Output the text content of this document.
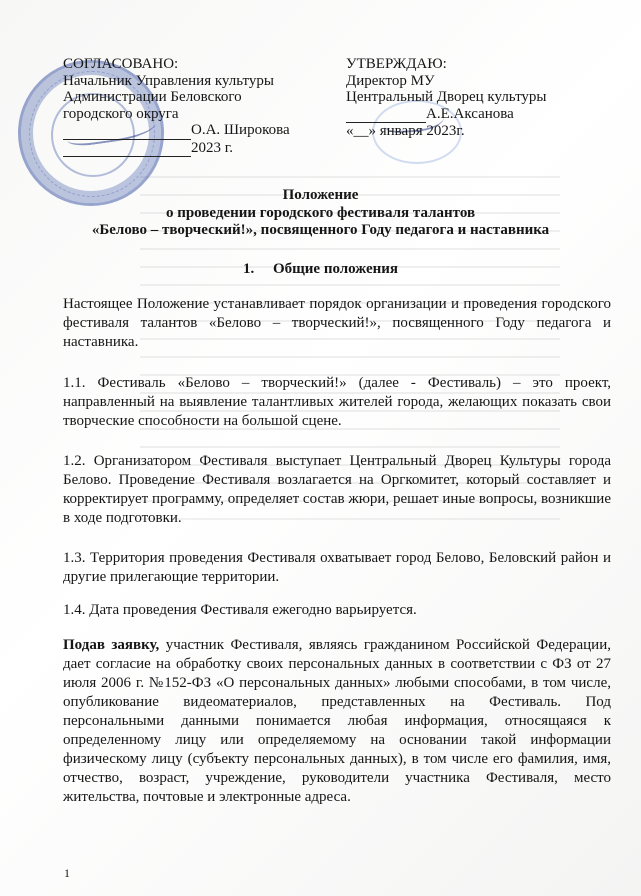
СОГЛАСОВАНО:
Начальник Управления культуры
Администрации Беловского
городского округа
О.А. Широкова
2023 г.
УТВЕРЖДАЮ:
Директор МУ
Центральный Дворец культуры
А.Е.Аксанова
«__» января 2023г.
Положение
о проведении городского фестиваля талантов
«Белово – творческий!», посвященного Году педагога и наставника
1.     Общие положения
Настоящее Положение устанавливает порядок организации и проведения городского фестиваля талантов «Белово – творческий!», посвященного Году педагога и наставника.
1.1. Фестиваль «Белово – творческий!» (далее - Фестиваль) – это проект, направленный на выявление талантливых жителей города, желающих показать свои творческие способности на большой сцене.
1.2. Организатором Фестиваля выступает Центральный Дворец Культуры города Белово. Проведение Фестиваля возлагается на Оргкомитет, который составляет и корректирует программу, определяет состав жюри, решает иные вопросы, возникшие в ходе подготовки.
1.3. Территория проведения Фестиваля охватывает город Белово, Беловский район и другие прилегающие территории.
1.4. Дата проведения Фестиваля ежегодно варьируется.
Подав заявку, участник Фестиваля, являясь гражданином Российской Федерации, дает согласие на обработку своих персональных данных в соответствии с ФЗ от 27 июля 2006 г. №152-ФЗ «О персональных данных» любыми способами, в том числе, опубликование видеоматериалов, представленных на Фестиваль. Под персональными данными понимается любая информация, относящаяся к определенному лицу или определяемому на основании такой информации физическому лицу (субъекту персональных данных), в том числе его фамилия, имя, отчество, возраст, учреждение, руководители участника Фестиваля, место жительства, почтовые и электронные адреса.
1
